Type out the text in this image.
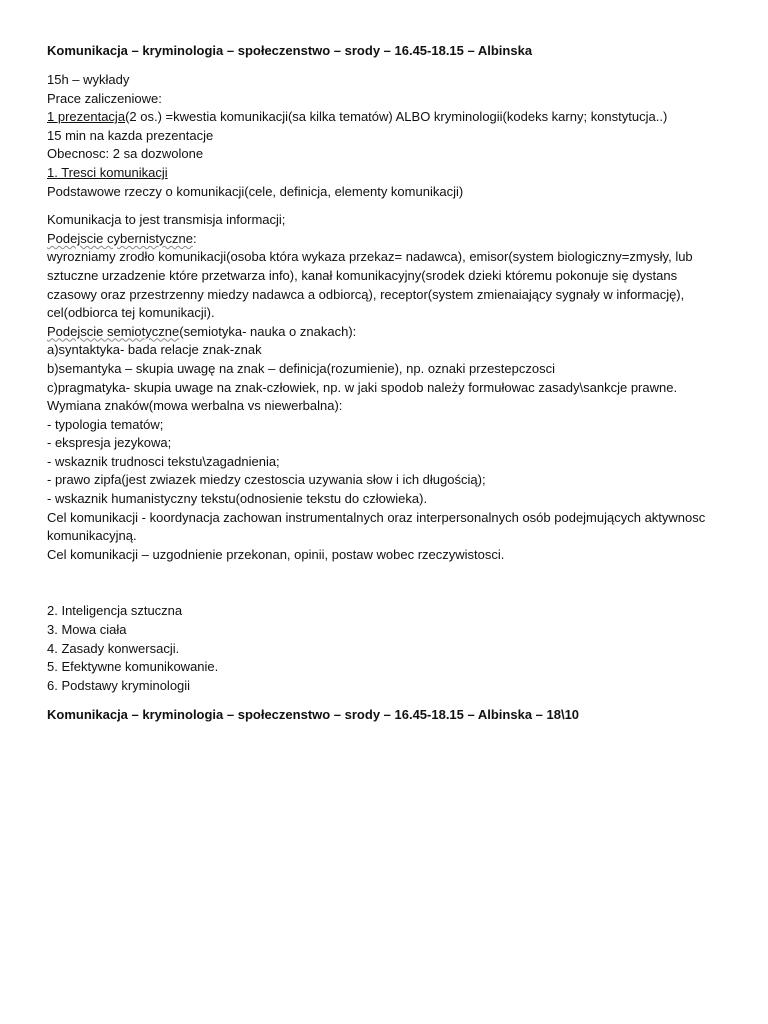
Komunikacja – kryminologia – społeczenstwo – srody – 16.45-18.15 – Albinska

15h – wykłady
Prace zaliczeniowe:
1 prezentacja(2 os.) =kwestia komunikacji(sa kilka tematów) ALBO kryminologii(kodeks karny; konstytucja..)
15 min na kazda prezentacje
Obecnosc: 2 sa dozwolone
1. Tresci komunikacji
Podstawowe rzeczy o komunikacji(cele, definicja, elementy komunikacji)
Komunikacja to jest transmisja informacji;
Podejscie cybernistyczne:
wyrozniamy zrodło komunikacji(osoba która wykaza przekaz= nadawca), emisor(system biologiczny=zmysły, lub
sztuczne urzadzenie które przetwarza info), kanał komunikacyjny(srodek dzieki któremu pokonuje się dystans
czasowy oraz przestrzenny miedzy nadawca a odbiorcą), receptor(system zmienaiający sygnały w informację),
cel(odbiorca tej komunikacji).
Podejscie semiotyczne(semiotyka- nauka o znakach):
a)syntaktyka- bada relacje znak-znak
b)semantyka – skupia uwagę na znak – definicja(rozumienie), np. oznaki przestepczosci
c)pragmatyka- skupia uwage na znak-człowiek, np. w jaki spodob należy formułowac zasady\sankcje prawne.
Wymiana znaków(mowa werbalna vs niewerbalna):
- typologia tematów;
- ekspresja jezykowa;
- wskaznik trudnosci tekstu\zagadnienia;
- prawo zipfa(jest zwiazek miedzy czestoscia uzywania słow i ich długością);
- wskaznik humanistyczny tekstu(odnosienie tekstu do człowieka).
Cel komunikacji - koordynacja zachowan instrumentalnych oraz interpersonalnych osób podejmujących aktywnosc
komunikacyjną.
Cel komunikacji – uzgodnienie przekonan, opinii, postaw wobec rzeczywistosci.
2. Inteligencja sztuczna
3. Mowa ciała
4. Zasady konwersacji.
5. Efektywne komunikowanie.
6. Podstawy kryminologii

Komunikacja – kryminologia – społeczenstwo – srody – 16.45-18.15 – Albinska – 18\10
